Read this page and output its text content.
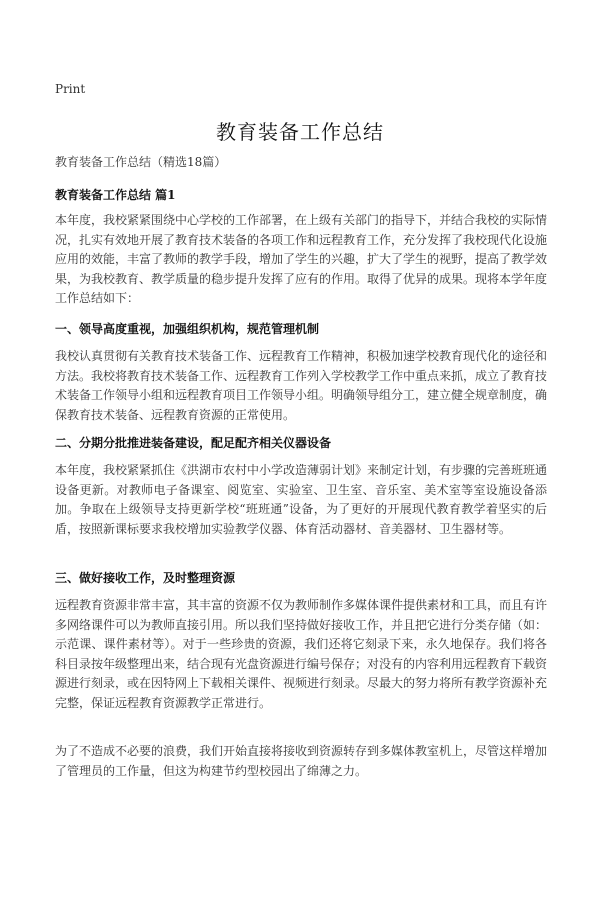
Print
教育装备工作总结
教育装备工作总结（精选18篇）
教育装备工作总结 篇1

本年度，我校紧紧围绕中心学校的工作部署，在上级有关部门的指导下，并结合我校的实际情况，扎实有效地开展了教育技术装备的各项工作和远程教育工作，充分发挥了我校现代化设施应用的效能，丰富了教师的教学手段，增加了学生的兴趣，扩大了学生的视野，提高了教学效果，为我校教育、教学质量的稳步提升发挥了应有的作用。取得了优异的成果。现将本学年度工作总结如下：

一、领导高度重视，加强组织机构，规范管理机制

我校认真贯彻有关教育技术装备工作、远程教育工作精神，积极加速学校教育现代化的途径和方法。我校将教育技术装备工作、远程教育工作列入学校教学工作中重点来抓，成立了教育技术装备工作领导小组和远程教育项目工作领导小组。明确领导组分工，建立健全规章制度，确保教育技术装备、远程教育资源的正常使用。

二、分期分批推进装备建设，配足配齐相关仪器设备

本年度，我校紧紧抓住《洪湖市农村中小学改造薄弱计划》来制定计划，有步骤的完善班班通设备更新。对教师电子备课室、阅览室、实验室、卫生室、音乐室、美术室等室设施设备添加。争取在上级领导支持更新学校“班班通”设备，为了更好的开展现代教育教学着坚实的后盾，按照新课标要求我校增加实验教学仪器、体育活动器材、音美器材、卫生器材等。

三、做好接收工作，及时整理资源

远程教育资源非常丰富，其丰富的资源不仅为教师制作多媒体课件提供素材和工具，而且有许多网络课件可以为教师直接引用。所以我们坚持做好接收工作，并且把它进行分类存储（如：示范课、课件素材等）。对于一些珍贵的资源，我们还将它刻录下来，永久地保存。我们将各科目录按年级整理出来，结合现有光盘资源进行编号保存；对没有的内容利用远程教育下载资源进行刻录，或在因特网上下载相关课件、视频进行刻录。尽最大的努力将所有教学资源补充完整，保证远程教育资源教学正常进行。

为了不造成不必要的浪费，我们开始直接将接收到资源转存到多媒体教室机上，尽管这样增加了管理员的工作量，但这为构建节约型校园出了绵薄之力。
